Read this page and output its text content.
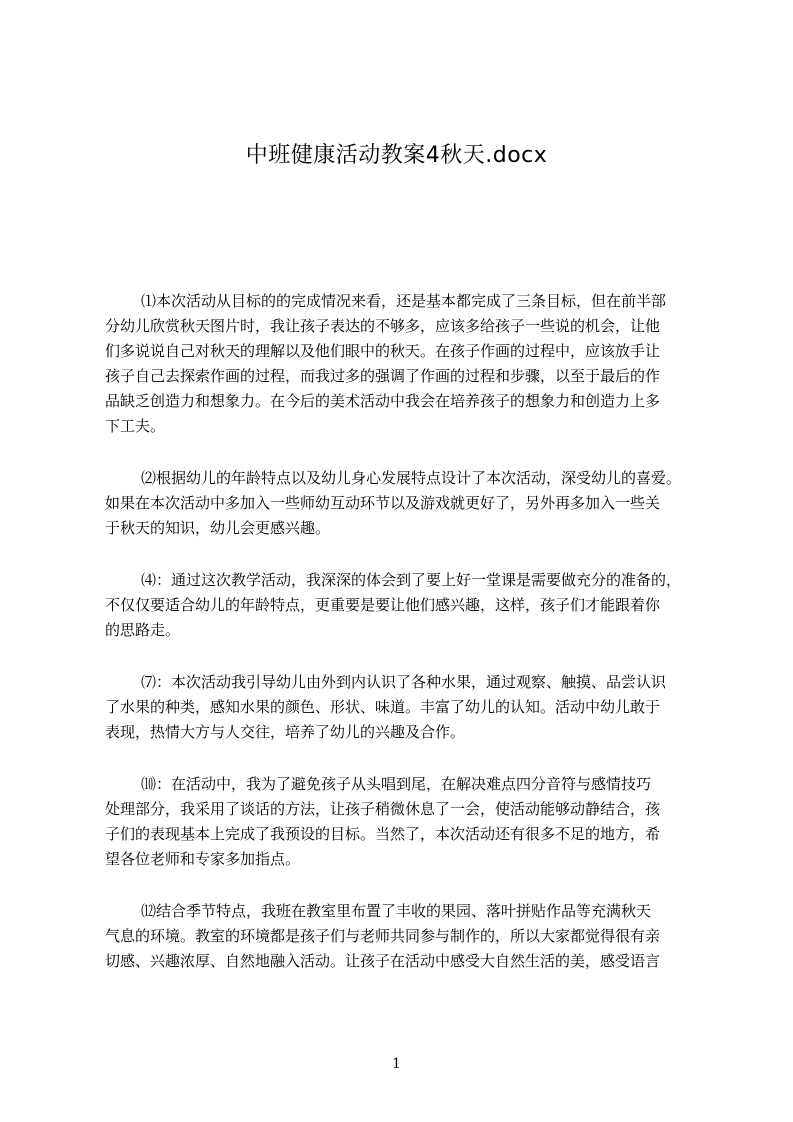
中班健康活动教案4秋天.docx
⑴本次活动从目标的的完成情况来看，还是基本都完成了三条目标，但在前半部
分幼儿欣赏秋天图片时，我让孩子表达的不够多，应该多给孩子一些说的机会，让他
们多说说自己对秋天的理解以及他们眼中的秋天。在孩子作画的过程中，应该放手让
孩子自己去探索作画的过程，而我过多的强调了作画的过程和步骤，以至于最后的作
品缺乏创造力和想象力。在今后的美术活动中我会在培养孩子的想象力和创造力上多
下工夫。
⑵根据幼儿的年龄特点以及幼儿身心发展特点设计了本次活动，深受幼儿的喜爱。
如果在本次活动中多加入一些师幼互动环节以及游戏就更好了，另外再多加入一些关
于秋天的知识，幼儿会更感兴趣。
⑷：通过这次教学活动，我深深的体会到了要上好一堂课是需要做充分的准备的，
不仅仅要适合幼儿的年龄特点，更重要是要让他们感兴趣，这样，孩子们才能跟着你
的思路走。
⑺：本次活动我引导幼儿由外到内认识了各种水果，通过观察、触摸、品尝认识
了水果的种类，感知水果的颜色、形状、味道。丰富了幼儿的认知。活动中幼儿敢于
表现，热情大方与人交往，培养了幼儿的兴趣及合作。
⑽：在活动中，我为了避免孩子从头唱到尾，在解决难点四分音符与感情技巧
处理部分，我采用了谈话的方法，让孩子稍微休息了一会，使活动能够动静结合，孩
子们的表现基本上完成了我预设的目标。当然了，本次活动还有很多不足的地方，希
望各位老师和专家多加指点。
⑿结合季节特点，我班在教室里布置了丰收的果园、落叶拼贴作品等充满秋天
气息的环境。教室的环境都是孩子们与老师共同参与制作的，所以大家都觉得很有亲
切感、兴趣浓厚、自然地融入活动。让孩子在活动中感受大自然生活的美，感受语言
1
